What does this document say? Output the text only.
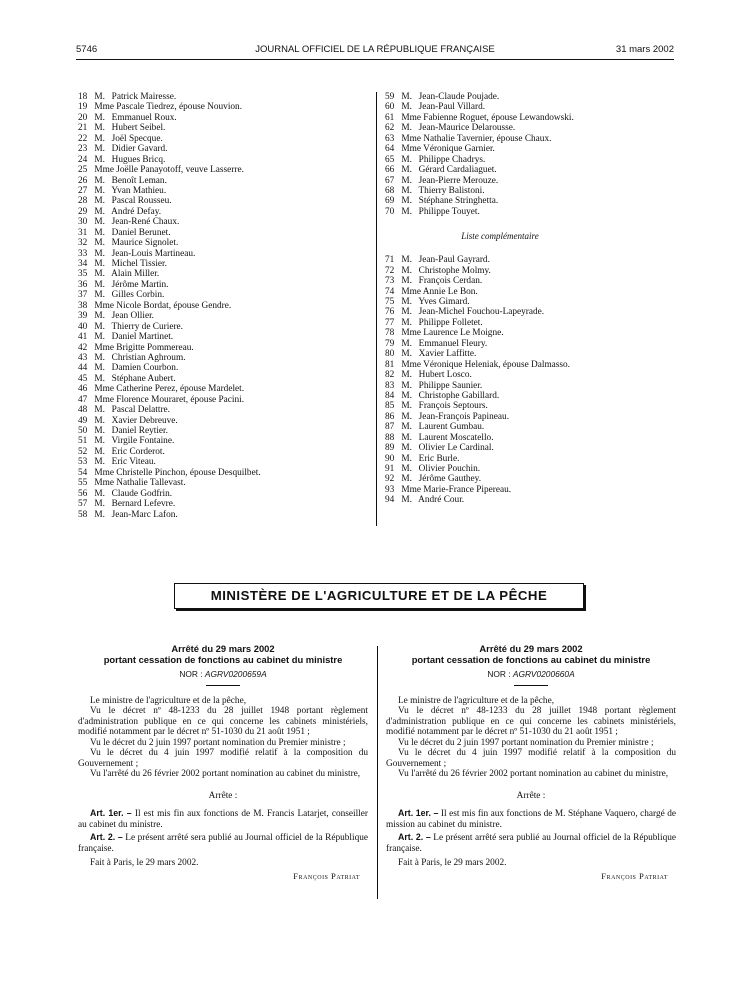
5746	JOURNAL OFFICIEL DE LA RÉPUBLIQUE FRANÇAISE	31 mars 2002
18 M. Patrick Mairesse.
19 Mme Pascale Tiedrez, épouse Nouvion.
20 M. Emmanuel Roux.
21 M. Hubert Seibel.
22 M. Joël Specque.
23 M. Didier Gavard.
24 M. Hugues Bricq.
25 Mme Joëlle Panayotoff, veuve Lasserre.
26 M. Benoît Leman.
27 M. Yvan Mathieu.
28 M. Pascal Rousseu.
29 M. André Defay.
30 M. Jean-René Chaux.
31 M. Daniel Berunet.
32 M. Maurice Signolet.
33 M. Jean-Louis Martineau.
34 M. Michel Tissier.
35 M. Alain Miller.
36 M. Jérôme Martin.
37 M. Gilles Corbin.
38 Mme Nicole Bordat, épouse Gendre.
39 M. Jean Ollier.
40 M. Thierry de Curiere.
41 M. Daniel Martinet.
42 Mme Brigitte Pommereau.
43 M. Christian Aghroum.
44 M. Damien Courbon.
45 M. Stéphane Aubert.
46 Mme Catherine Perez, épouse Mardelet.
47 Mme Florence Mouraret, épouse Pacini.
48 M. Pascal Delattre.
49 M. Xavier Debreuve.
50 M. Daniel Reytier.
51 M. Virgile Fontaine.
52 M. Eric Corderot.
53 M. Eric Viteau.
54 Mme Christelle Pinchon, épouse Desquilbet.
55 Mme Nathalie Tallevast.
56 M. Claude Godfrin.
57 M. Bernard Lefevre.
58 M. Jean-Marc Lafon.
59 M. Jean-Claude Poujade.
60 M. Jean-Paul Villard.
61 Mme Fabienne Roguet, épouse Lewandowski.
62 M. Jean-Maurice Delarousse.
63 Mme Nathalie Tavernier, épouse Chaux.
64 Mme Véronique Garnier.
65 M. Philippe Chadrys.
66 M. Gérard Cardaliaguet.
67 M. Jean-Pierre Merouze.
68 M. Thierry Balistoni.
69 M. Stéphane Stringhetta.
70 M. Philippe Touyet.
Liste complémentaire
71 M. Jean-Paul Gayrard.
72 M. Christophe Molmy.
73 M. François Cerdan.
74 Mme Annie Le Bon.
75 M. Yves Gimard.
76 M. Jean-Michel Fouchou-Lapeyrade.
77 M. Philippe Folletet.
78 Mme Laurence Le Moigne.
79 M. Emmanuel Fleury.
80 M. Xavier Laffitte.
81 Mme Véronique Heleniak, épouse Dalmasso.
82 M. Hubert Losco.
83 M. Philippe Saunier.
84 M. Christophe Gabillard.
85 M. François Septours.
86 M. Jean-François Papineau.
87 M. Laurent Gumbau.
88 M. Laurent Moscatello.
89 M. Olivier Le Cardinal.
90 M. Eric Burle.
91 M. Olivier Pouchin.
92 M. Jérôme Gauthey.
93 Mme Marie-France Pipereau.
94 M. André Cour.
MINISTÈRE DE L'AGRICULTURE ET DE LA PÊCHE
Arrêté du 29 mars 2002
portant cessation de fonctions au cabinet du ministre
NOR : AGRV0200659A

Le ministre de l'agriculture et de la pêche,

Vu le décret nº 48-1233 du 28 juillet 1948 portant règlement d'administration publique en ce qui concerne les cabinets ministériels, modifié notamment par le décret nº 51-1030 du 21 août 1951 ;

Vu le décret du 2 juin 1997 portant nomination du Premier ministre ;

Vu le décret du 4 juin 1997 modifié relatif à la composition du Gouvernement ;

Vu l'arrêté du 26 février 2002 portant nomination au cabinet du ministre,

Arrête :

Art. 1er. – Il est mis fin aux fonctions de M. Francis Latarjet, conseiller au cabinet du ministre.

Art. 2. – Le présent arrêté sera publié au Journal officiel de la République française.

Fait à Paris, le 29 mars 2002.

François Patriat
Arrêté du 29 mars 2002
portant cessation de fonctions au cabinet du ministre
NOR : AGRV0200660A

Le ministre de l'agriculture et de la pêche,

Vu le décret nº 48-1233 du 28 juillet 1948 portant règlement d'administration publique en ce qui concerne les cabinets ministériels, modifié notamment par le décret nº 51-1030 du 21 août 1951 ;

Vu le décret du 2 juin 1997 portant nomination du Premier ministre ;

Vu le décret du 4 juin 1997 modifié relatif à la composition du Gouvernement ;

Vu l'arrêté du 26 février 2002 portant nomination au cabinet du ministre,

Arrête :

Art. 1er. – Il est mis fin aux fonctions de M. Stéphane Vaquero, chargé de mission au cabinet du ministre.

Art. 2. – Le présent arrêté sera publié au Journal officiel de la République française.

Fait à Paris, le 29 mars 2002.

François Patriat
